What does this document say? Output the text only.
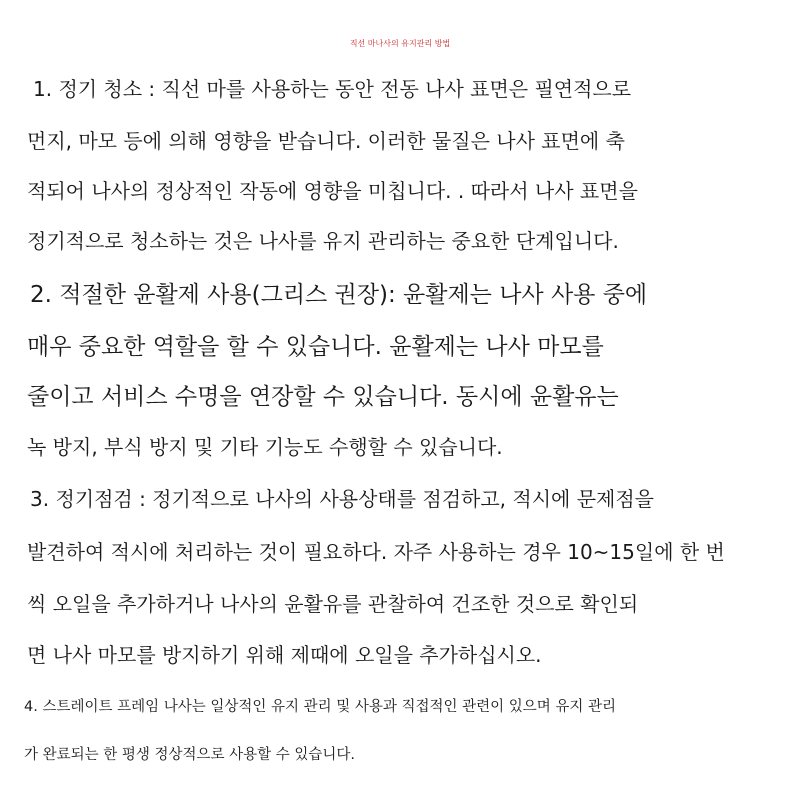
직선 마나사의 유지관리 방법
1. 정기 청소 : 직선 마를 사용하는 동안 전동 나사 표면은 필연적으로
먼지, 마모 등에 의해 영향을 받습니다. 이러한 물질은 나사 표면에 축
적되어 나사의 정상적인 작동에 영향을 미칩니다. . 따라서 나사 표면을
정기적으로 청소하는 것은 나사를 유지 관리하는 중요한 단계입니다.
2. 적절한 윤활제 사용(그리스 권장): 윤활제는 나사 사용 중에
매우 중요한 역할을 할 수 있습니다. 윤활제는 나사 마모를
줄이고 서비스 수명을 연장할 수 있습니다. 동시에 윤활유는
녹 방지, 부식 방지 및 기타 기능도 수행할 수 있습니다.
3. 정기점검 : 정기적으로 나사의 사용상태를 점검하고, 적시에 문제점을
발견하여 적시에 처리하는 것이 필요하다. 자주 사용하는 경우 10~15일에 한 번
씩 오일을 추가하거나 나사의 윤활유를 관찰하여 건조한 것으로 확인되
면 나사 마모를 방지하기 위해 제때에 오일을 추가하십시오.
4. 스트레이트 프레임 나사는 일상적인 유지 관리 및 사용과 직접적인 관련이 있으며 유지 관리
가 완료되는 한 평생 정상적으로 사용할 수 있습니다.
